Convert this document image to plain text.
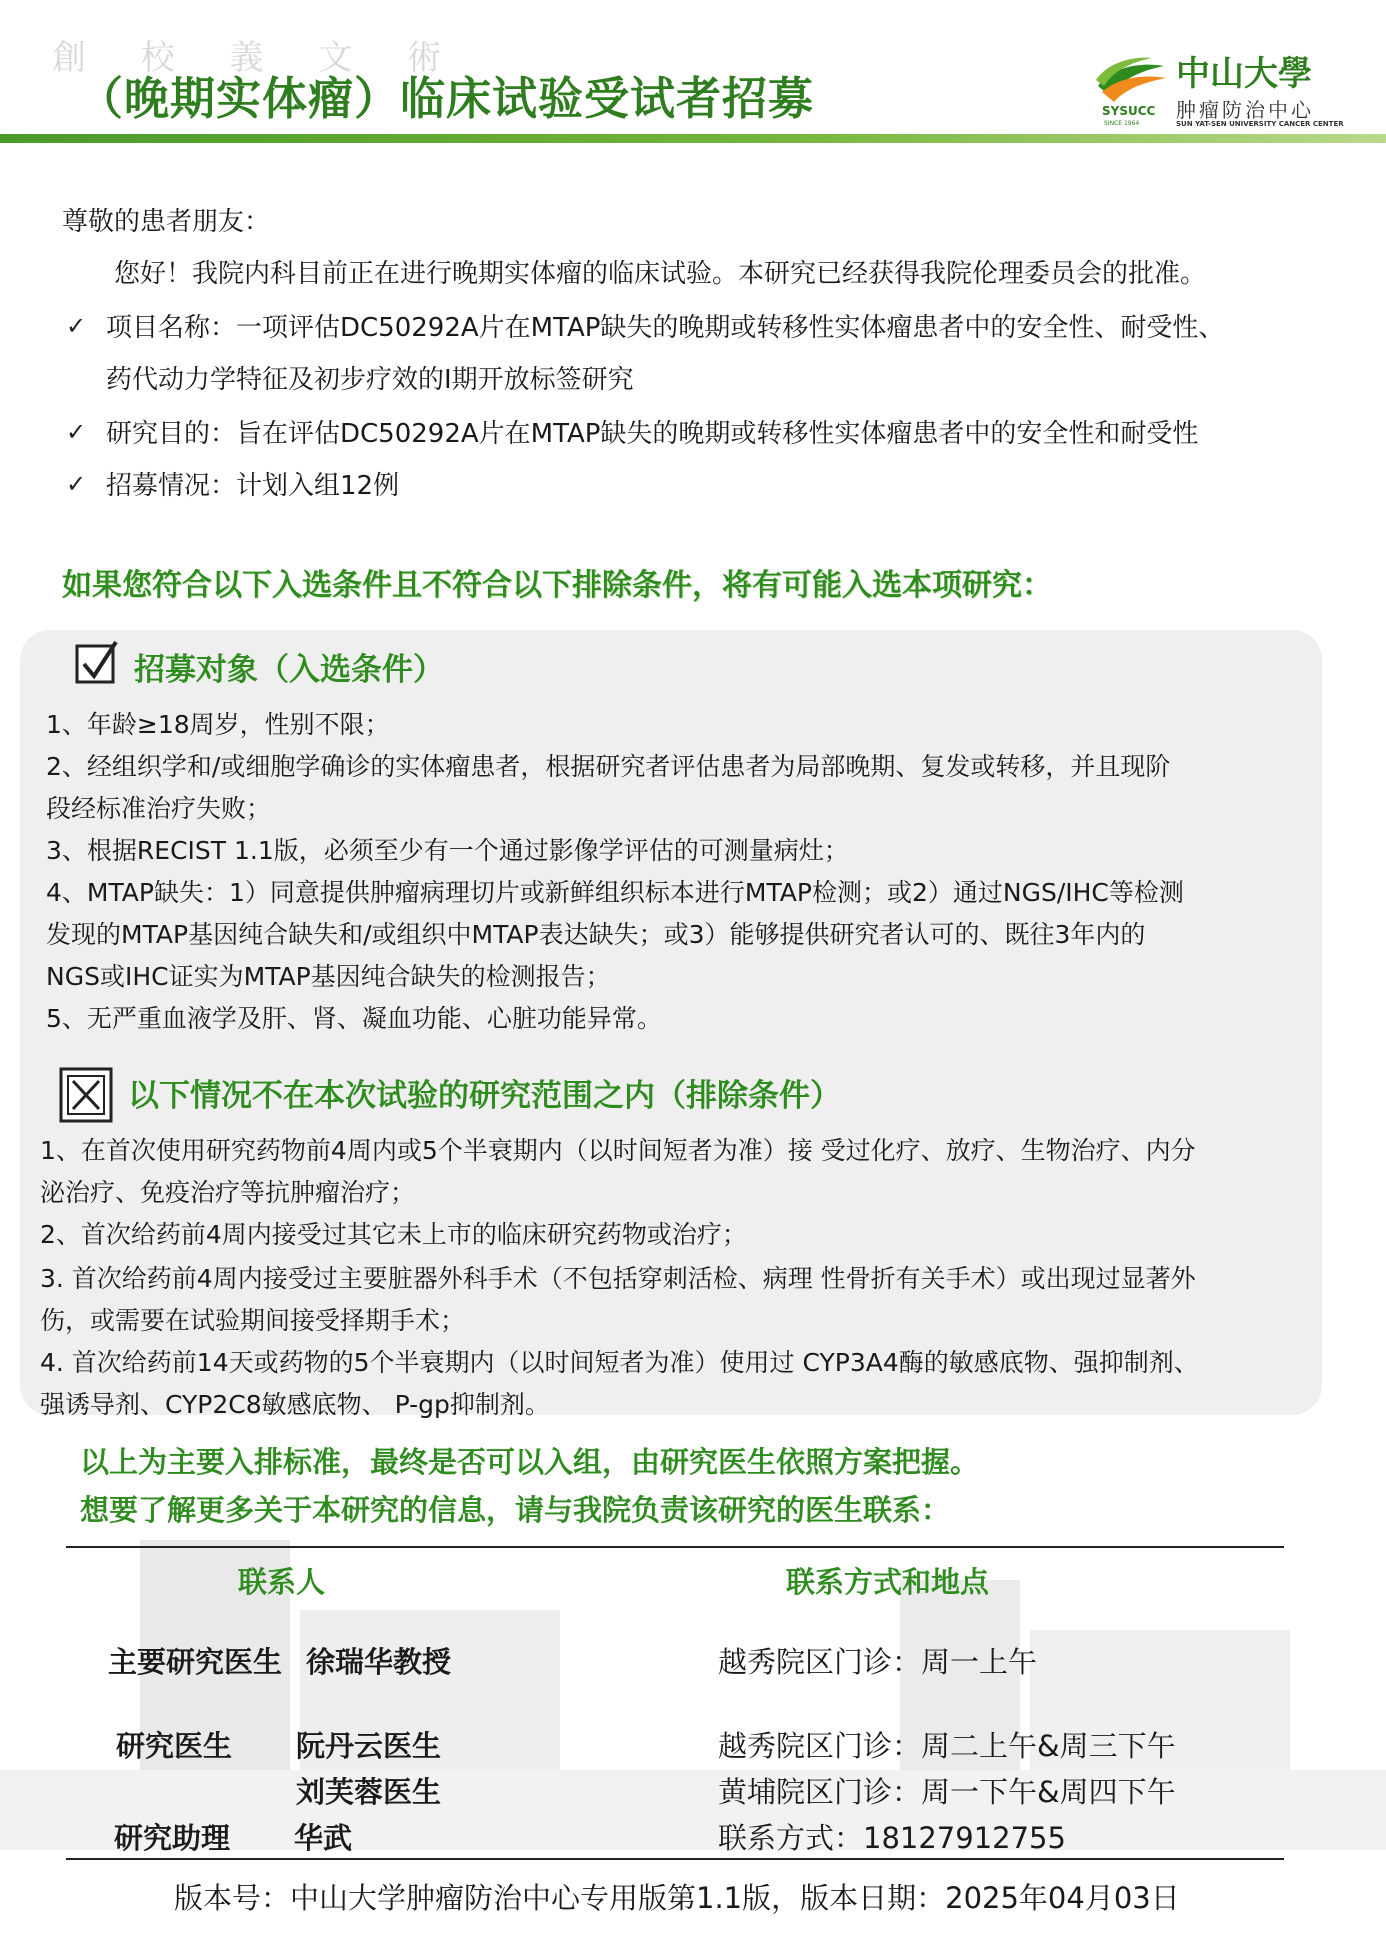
創 校 義 文 術
（晚期实体瘤）临床试验受试者招募	SYSUCC
SINCE 1964
中山大學
肿瘤防治中心
SUN YAT-SEN UNIVERSITY CANCER CENTER
尊敬的患者朋友：
您好！我院内科目前正在进行晚期实体瘤的临床试验。本研究已经获得我院伦理委员会的批准。
✓ 项目名称：一项评估DC50292A片在MTAP缺失的晚期或转移性实体瘤患者中的安全性、耐受性、
药代动力学特征及初步疗效的Ⅰ期开放标签研究
✓ 研究目的：旨在评估DC50292A片在MTAP缺失的晚期或转移性实体瘤患者中的安全性和耐受性
✓ 招募情况：计划入组12例
如果您符合以下入选条件且不符合以下排除条件，将有可能入选本项研究：
招募对象（入选条件）
1、年龄≥18周岁，性别不限；
2、经组织学和/或细胞学确诊的实体瘤患者，根据研究者评估患者为局部晚期、复发或转移，并且现阶
段经标准治疗失败；
3、根据RECIST 1.1版，必须至少有一个通过影像学评估的可测量病灶；
4、MTAP缺失：1）同意提供肿瘤病理切片或新鲜组织标本进行MTAP检测；或2）通过NGS/IHC等检测
发现的MTAP基因纯合缺失和/或组织中MTAP表达缺失；或3）能够提供研究者认可的、既往3年内的
NGS或IHC证实为MTAP基因纯合缺失的检测报告；
5、无严重血液学及肝、肾、凝血功能、心脏功能异常。
以下情况不在本次试验的研究范围之内（排除条件）
1、在首次使用研究药物前4周内或5个半衰期内（以时间短者为准）接 受过化疗、放疗、生物治疗、内分
泌治疗、免疫治疗等抗肿瘤治疗；
2、首次给药前4周内接受过其它未上市的临床研究药物或治疗；
3. 首次给药前4周内接受过主要脏器外科手术（不包括穿刺活检、病理 性骨折有关手术）或出现过显著外
伤，或需要在试验期间接受择期手术；
4. 首次给药前14天或药物的5个半衰期内（以时间短者为准）使用过 CYP3A4酶的敏感底物、强抑制剂、
强诱导剂、CYP2C8敏感底物、 P-gp抑制剂。
以上为主要入排标准，最终是否可以入组，由研究医生依照方案把握。
想要了解更多关于本研究的信息，请与我院负责该研究的医生联系：
联系人	联系方式和地点
主要研究医生 徐瑞华教授	越秀院区门诊：周一上午
研究医生 阮丹云医生	越秀院区门诊：周二上午&周三下午
刘芙蓉医生	黄埔院区门诊：周一下午&周四下午
研究助理 华武	联系方式：18127912755
版本号：中山大学肿瘤防治中心专用版第1.1版，版本日期：2025年04月03日
